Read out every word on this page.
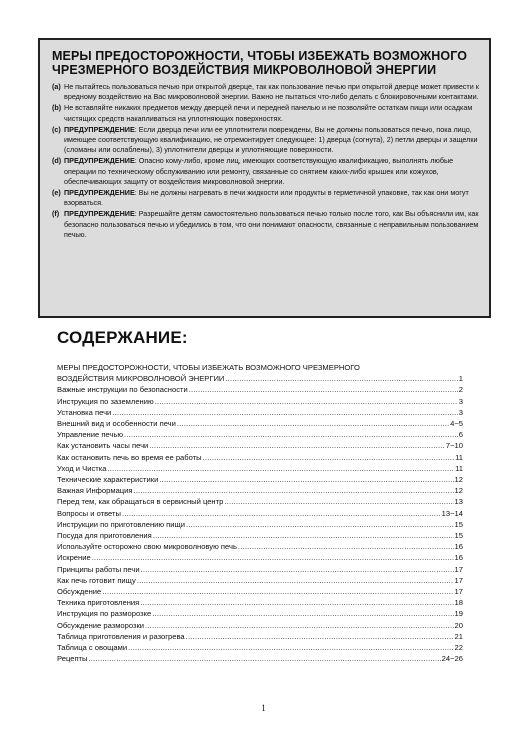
МЕРЫ ПРЕДОСТОРОЖНОСТИ, ЧТОБЫ ИЗБЕЖАТЬ ВОЗМОЖНОГО ЧРЕЗМЕРНОГО ВОЗДЕЙСТВИЯ МИКРОВОЛНОВОЙ ЭНЕРГИИ

(a) Не пытайтесь пользоваться печью при открытой дверце, так как пользование печью при открытой дверце может привести к вредному воздействию на Вас микроволновой энергии. Важно не пытаться что-либо делать с блокировочными контактами.

(b) Не вставляйте никаких предметов между дверцей печи и передней панелью и не позволяйте остаткам пищи или осадкам чистящих средств накапливаться на уплотняющих поверхностях.

(c) ПРЕДУПРЕЖДЕНИЕ: Если дверца печи или ее уплотнители повреждены, Вы не должны пользоваться печью, пока лицо, имеющее соответствующую квалификацию, не отремонтирует следующее: 1) дверца (согнута), 2) петли дверцы и защелки (сломаны или ослаблены), 3) уплотнители дверцы и уплотняющие поверхности.

(d) ПРЕДУПРЕЖДЕНИЕ: Опасно кому-либо, кроме лиц, имеющих соответствующую квалификацию, выполнять любые операции по техническому обслуживанию или ремонту, связанные со снятием каких-либо крышек или кожухов, обеспечивающих защиту от воздействия микроволновой энергии.

(e) ПРЕДУПРЕЖДЕНИЕ: Вы не должны нагревать в печи жидкости или продукты в герметичной упаковке, так как они могут взорваться.

(f) ПРЕДУПРЕЖДЕНИЕ: Разрешайте детям самостоятельно пользоваться печью только после того, как Вы объяснили им, как безопасно пользоваться печью и убедились в том, что они понимают опасности, связанные с неправильным пользованием печью.

СОДЕРЖАНИЕ:
МЕРЫ ПРЕДОСТОРОЖНОСТИ, ЧТОБЫ ИЗБЕЖАТЬ ВОЗМОЖНОГО ЧРЕЗМЕРНОГО
ВОЗДЕЙСТВИЯ МИКРОВОЛНОВОЙ ЭНЕРГИИ .....	1
Важные инструкции по безопасности .....	2
Инструкция по заземлению .....	3
Установка печи .....	3
Внешний вид и особенности печи .....	4~5
Управление печью .....	6
Как установить часы печи .....	7~10
Как остановить печь во время ее работы .....	11
Уход и Чистка .....	11
Технические характеристики .....	12
Важная Информация .....	12
Перед тем, как обращаться в сервисный центр .....	13
Вопросы и ответы .....	13~14
Инструкции по приготовлению пищи .....	15
Посуда для приготовления .....	15
Используйте осторожно свою микроволновую печь .....	16
Искрение .....	16
Принципы работы печи .....	17
Как печь готовит пищу .....	17
Обсуждение .....	17
Техника приготовления .....	18
Инструкция по разморозке .....	19
Обсуждение разморозки .....	20
Таблица приготовления и разогрева .....	21
Таблица с овощами .....	22
Рецепты .....	24~26
1
